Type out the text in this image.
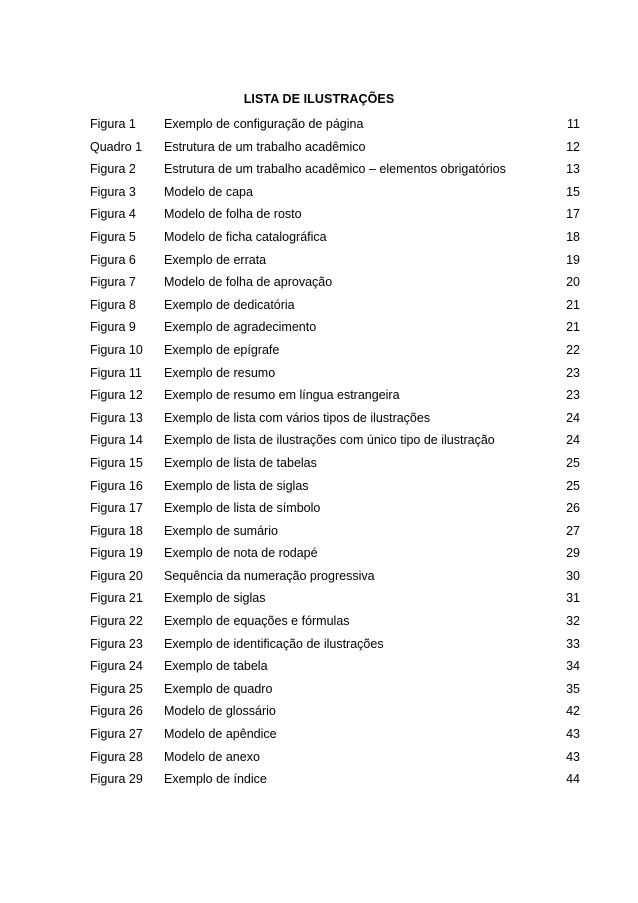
LISTA DE ILUSTRAÇÕES
Figura 1 Exemplo de configuração de página	11
Quadro 1 Estrutura de um trabalho acadêmico	12
Figura 2 Estrutura de um trabalho acadêmico – elementos obrigatórios	13
Figura 3 Modelo de capa	15
Figura 4 Modelo de folha de rosto	17
Figura 5 Modelo de ficha catalográfica	18
Figura 6 Exemplo de errata	19
Figura 7 Modelo de folha de aprovação	20
Figura 8 Exemplo de dedicatória	21
Figura 9 Exemplo de agradecimento	21
Figura 10 Exemplo de epígrafe	22
Figura 11 Exemplo de resumo	23
Figura 12 Exemplo de resumo em língua estrangeira	23
Figura 13 Exemplo de lista com vários tipos de ilustrações	24
Figura 14 Exemplo de lista de ilustrações com único tipo de ilustração	24
Figura 15 Exemplo de lista de tabelas	25
Figura 16 Exemplo de lista de siglas	25
Figura 17 Exemplo de lista de símbolo	26
Figura 18 Exemplo de sumário	27
Figura 19 Exemplo de nota de rodapé	29
Figura 20 Sequência da numeração progressiva	30
Figura 21 Exemplo de siglas	31
Figura 22 Exemplo de equações e fórmulas	32
Figura 23 Exemplo de identificação de ilustrações	33
Figura 24 Exemplo de tabela	34
Figura 25 Exemplo de quadro	35
Figura 26 Modelo de glossário	42
Figura 27 Modelo de apêndice	43
Figura 28 Modelo de anexo	43
Figura 29 Exemplo de índice	44
